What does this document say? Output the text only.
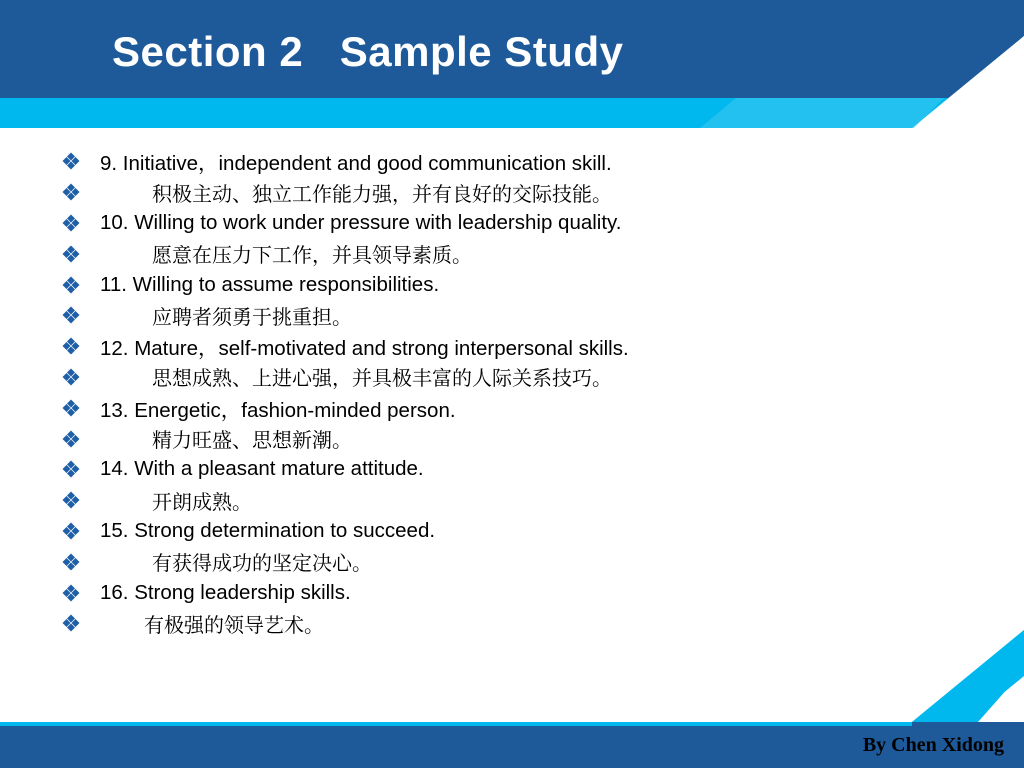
Section 2   Sample Study
9. Initiative，independent and good communication skill.
积极主动、独立工作能力强，并有良好的交际技能。
10. Willing to work under pressure with leadership quality.
愿意在压力下工作，并具领导素质。
11. Willing to assume responsibilities.
应聘者须勇于挑重担。
12. Mature，self-motivated and strong interpersonal skills.
思想成熟、上进心强，并具极丰富的人际关系技巧。
13. Energetic，fashion-minded person.
精力旺盛、思想新潮。
14. With a pleasant mature attitude.
开朗成熟。
15. Strong determination to succeed.
有获得成功的坚定决心。
16. Strong leadership skills.
有极强的领导艺术。
By Chen Xidong
